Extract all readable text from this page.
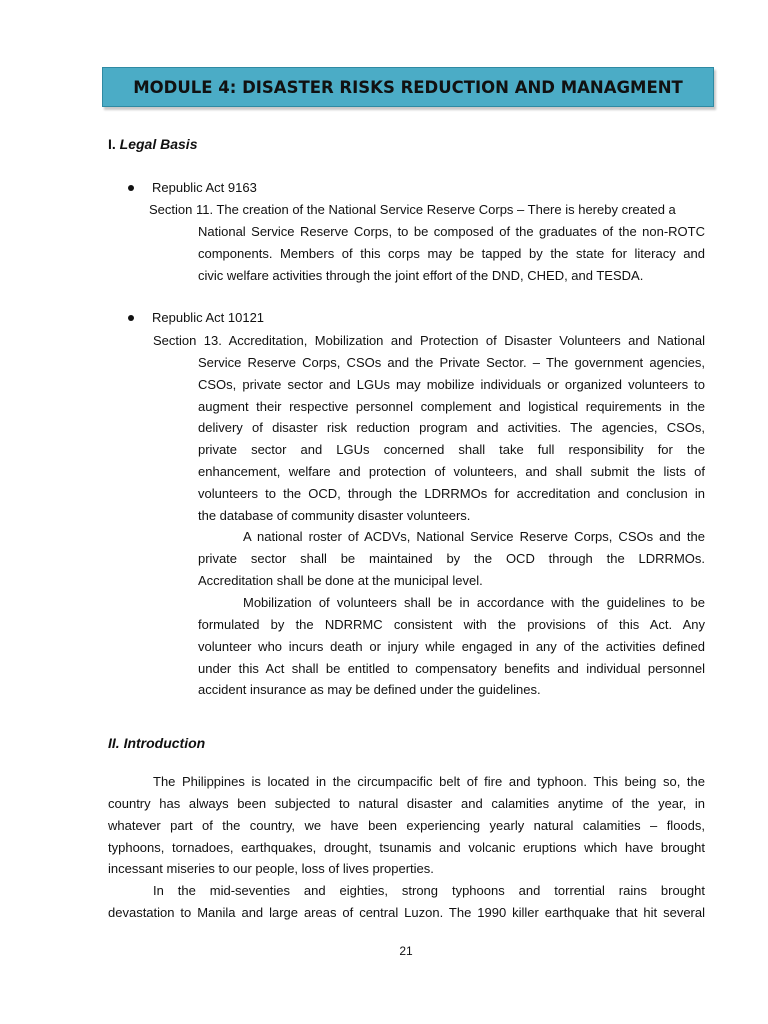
MODULE 4: DISASTER RISKS REDUCTION AND MANAGMENT
I. Legal Basis
Republic Act 9163
Section 11. The creation of the National Service Reserve Corps – There is hereby created a
National Service Reserve Corps, to be composed of the graduates of the non-ROTC
components. Members of this corps may be tapped by the state for literacy and
civic welfare activities through the joint effort of the DND, CHED, and TESDA.
Republic Act 10121
Section 13. Accreditation, Mobilization and Protection of Disaster Volunteers and National
Service Reserve Corps, CSOs and the Private Sector. – The government agencies,
CSOs, private sector and LGUs may mobilize individuals or organized volunteers to
augment their respective personnel complement and logistical requirements in the
delivery of disaster risk reduction program and activities. The agencies, CSOs,
private sector and LGUs concerned shall take full responsibility for the
enhancement, welfare and protection of volunteers, and shall submit the lists of
volunteers to the OCD, through the LDRRMOs for accreditation and conclusion in
the database of community disaster volunteers.
A national roster of ACDVs, National Service Reserve Corps, CSOs and the
private sector shall be maintained by the OCD through the LDRRMOs.
Accreditation shall be done at the municipal level.
Mobilization of volunteers shall be in accordance with the guidelines to be
formulated by the NDRRMC consistent with the provisions of this Act. Any
volunteer who incurs death or injury while engaged in any of the activities defined
under this Act shall be entitled to compensatory benefits and individual personnel
accident insurance as may be defined under the guidelines.
II. Introduction
The Philippines is located in the circumpacific belt of fire and typhoon. This being so, the
country has always been subjected to natural disaster and calamities anytime of the year, in
whatever part of the country, we have been experiencing yearly natural calamities – floods,
typhoons, tornadoes, earthquakes, drought, tsunamis and volcanic eruptions which have brought
incessant miseries to our people, loss of lives properties.
In the mid-seventies and eighties, strong typhoons and torrential rains brought
devastation to Manila and large areas of central Luzon. The 1990 killer earthquake that hit several
21
